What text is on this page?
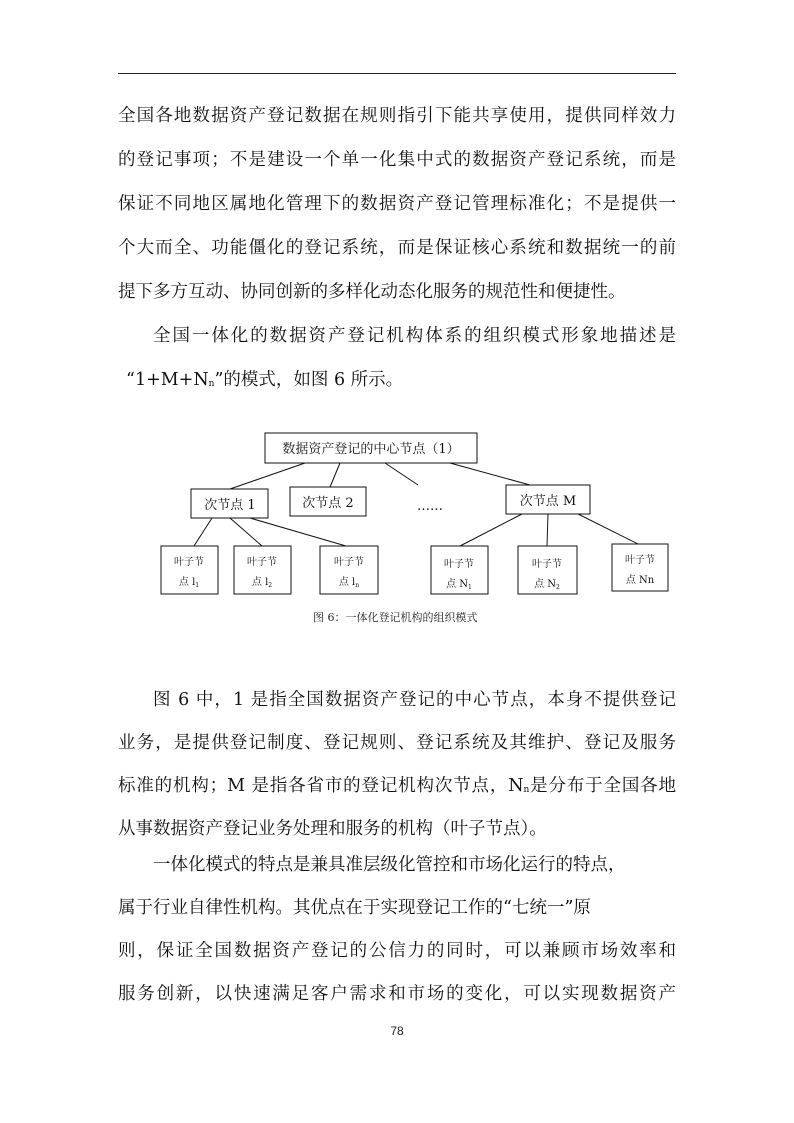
全国各地数据资产登记数据在规则指引下能共享使用，提供同样效力
的登记事项；不是建设一个单一化集中式的数据资产登记系统，而是
保证不同地区属地化管理下的数据资产登记管理标准化；不是提供一
个大而全、功能僵化的登记系统，而是保证核心系统和数据统一的前
提下多方互动、协同创新的多样化动态化服务的规范性和便捷性。
全国一体化的数据资产登记机构体系的组织模式形象地描述是
“$1+M+N_n$”的模式，如图 6 所示。
数据资产登记的中心节点（1）
次节点 1	次节点 2	……	次节点 M
叶子节
点 $l_1$
叶子节
点 $l_2$
叶子节
点 $l_n$
叶子节
点 $N_1$
叶子节
点 $N_2$
叶子节
点 Nn
图 6：一体化登记机构的组织模式
图 6 中，1 是指全国数据资产登记的中心节点，本身不提供登记
业务，是提供登记制度、登记规则、登记系统及其维护、登记及服务
标准的机构；M 是指各省市的登记机构次节点，$N_n$是分布于全国各地
从事数据资产登记业务处理和服务的机构（叶子节点）。
一体化模式的特点是兼具准层级化管控和市场化运行的特点，
属于行业自律性机构。其优点在于实现登记工作的“七统一”原
则，保证全国数据资产登记的公信力的同时，可以兼顾市场效率和
服务创新，以快速满足客户需求和市场的变化，可以实现数据资产
78
